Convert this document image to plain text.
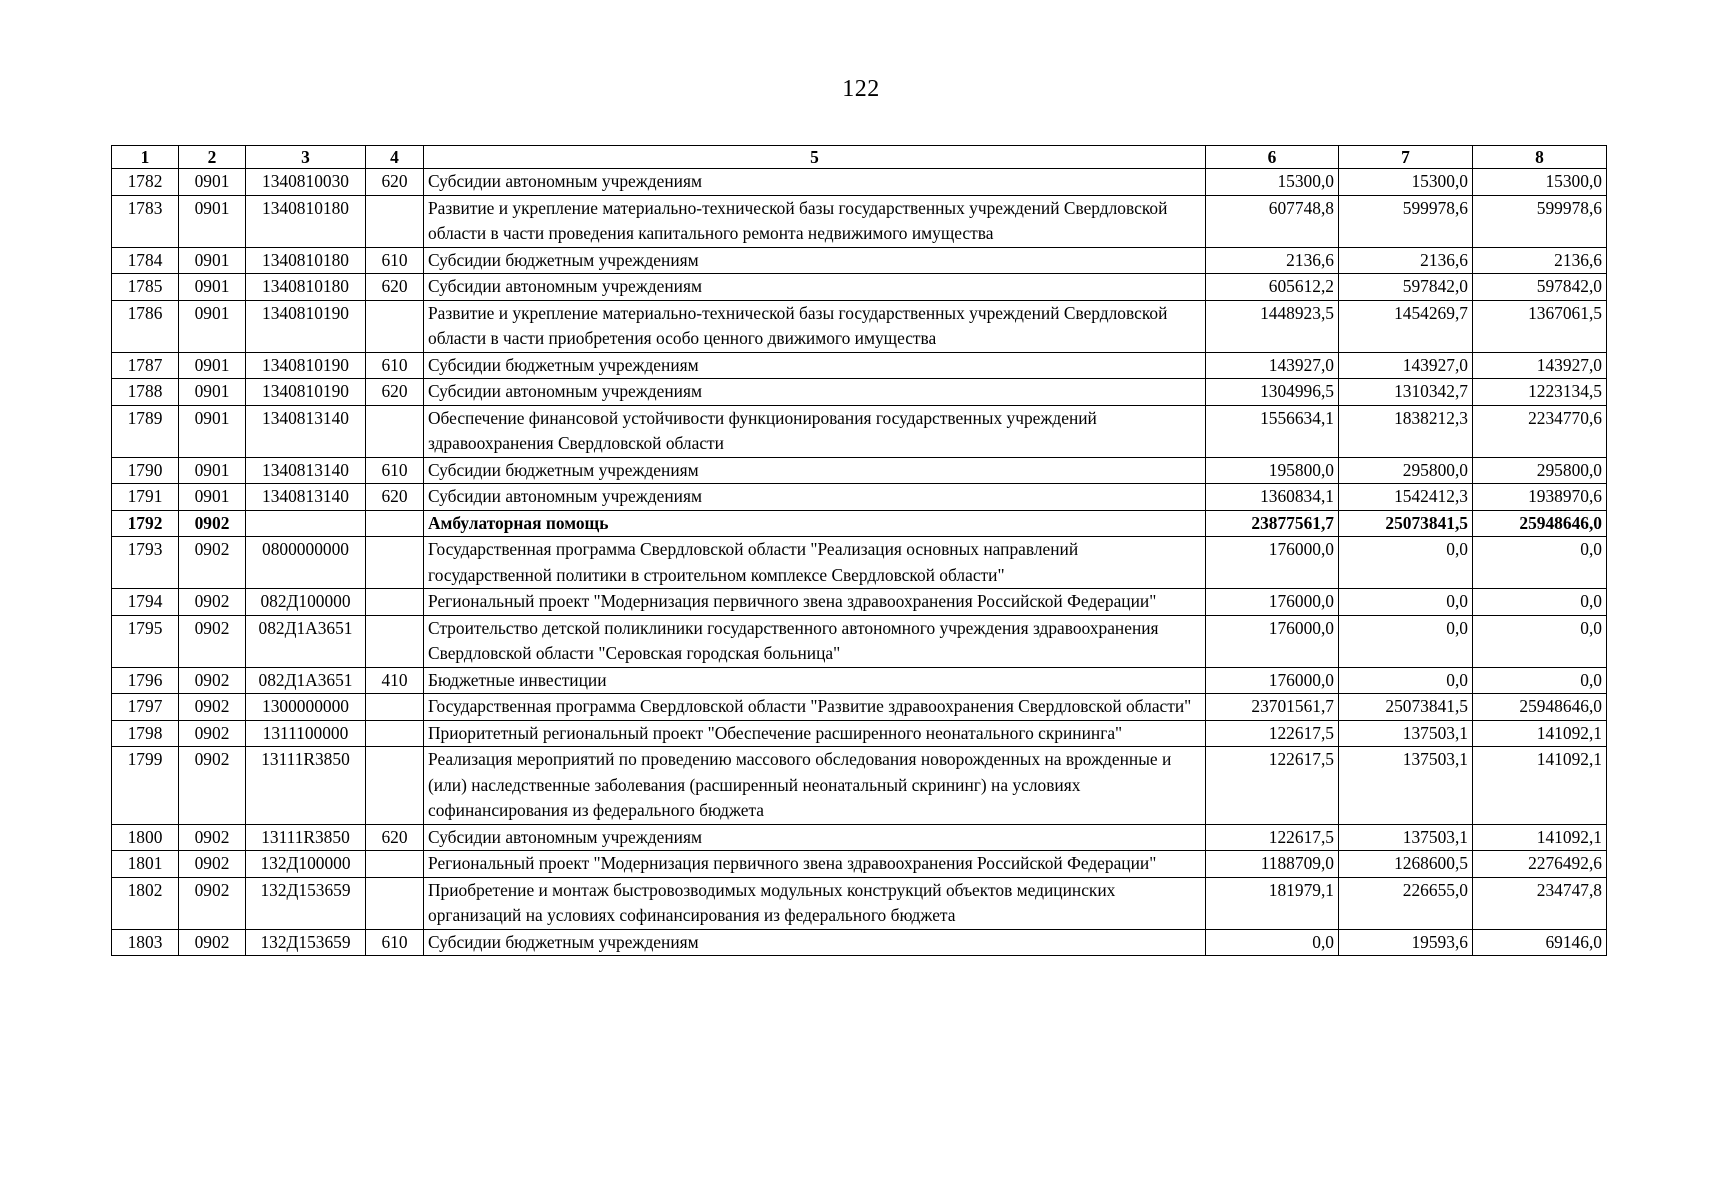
122
1	2	3	4	5	6	7	8
1782	0901	1340810030	620	Субсидии автономным учреждениям	15300,0	15300,0	15300,0
1783	0901	1340810180		Развитие и укрепление материально-технической базы государственных учреждений Свердловской области в части проведения капитального ремонта недвижимого имущества	607748,8	599978,6	599978,6
1784	0901	1340810180	610	Субсидии бюджетным учреждениям	2136,6	2136,6	2136,6
1785	0901	1340810180	620	Субсидии автономным учреждениям	605612,2	597842,0	597842,0
1786	0901	1340810190		Развитие и укрепление материально-технической базы государственных учреждений Свердловской области в части приобретения особо ценного движимого имущества	1448923,5	1454269,7	1367061,5
1787	0901	1340810190	610	Субсидии бюджетным учреждениям	143927,0	143927,0	143927,0
1788	0901	1340810190	620	Субсидии автономным учреждениям	1304996,5	1310342,7	1223134,5
1789	0901	1340813140		Обеспечение финансовой устойчивости функционирования государственных учреждений здравоохранения Свердловской области	1556634,1	1838212,3	2234770,6
1790	0901	1340813140	610	Субсидии бюджетным учреждениям	195800,0	295800,0	295800,0
1791	0901	1340813140	620	Субсидии автономным учреждениям	1360834,1	1542412,3	1938970,6
1792	0902			Амбулаторная помощь	23877561,7	25073841,5	25948646,0
1793	0902	0800000000		Государственная программа Свердловской области "Реализация основных направлений государственной политики в строительном комплексе Свердловской области"	176000,0	0,0	0,0
1794	0902	082Д100000		Региональный проект "Модернизация первичного звена здравоохранения Российской Федерации"	176000,0	0,0	0,0
1795	0902	082Д1А3651		Строительство детской поликлиники государственного автономного учреждения здравоохранения Свердловской области "Серовская городская больница"	176000,0	0,0	0,0
1796	0902	082Д1А3651	410	Бюджетные инвестиции	176000,0	0,0	0,0
1797	0902	1300000000		Государственная программа Свердловской области "Развитие здравоохранения Свердловской области"	23701561,7	25073841,5	25948646,0
1798	0902	1311100000		Приоритетный региональный проект "Обеспечение расширенного неонатального скрининга"	122617,5	137503,1	141092,1
1799	0902	13111R3850		Реализация мероприятий по проведению массового обследования новорожденных на врожденные и (или) наследственные заболевания (расширенный неонатальный скрининг) на условиях софинансирования из федерального бюджета	122617,5	137503,1	141092,1
1800	0902	13111R3850	620	Субсидии автономным учреждениям	122617,5	137503,1	141092,1
1801	0902	132Д100000		Региональный проект "Модернизация первичного звена здравоохранения Российской Федерации"	1188709,0	1268600,5	2276492,6
1802	0902	132Д153659		Приобретение и монтаж быстровозводимых модульных конструкций объектов медицинских организаций на условиях софинансирования из федерального бюджета	181979,1	226655,0	234747,8
1803	0902	132Д153659	610	Субсидии бюджетным учреждениям	0,0	19593,6	69146,0
